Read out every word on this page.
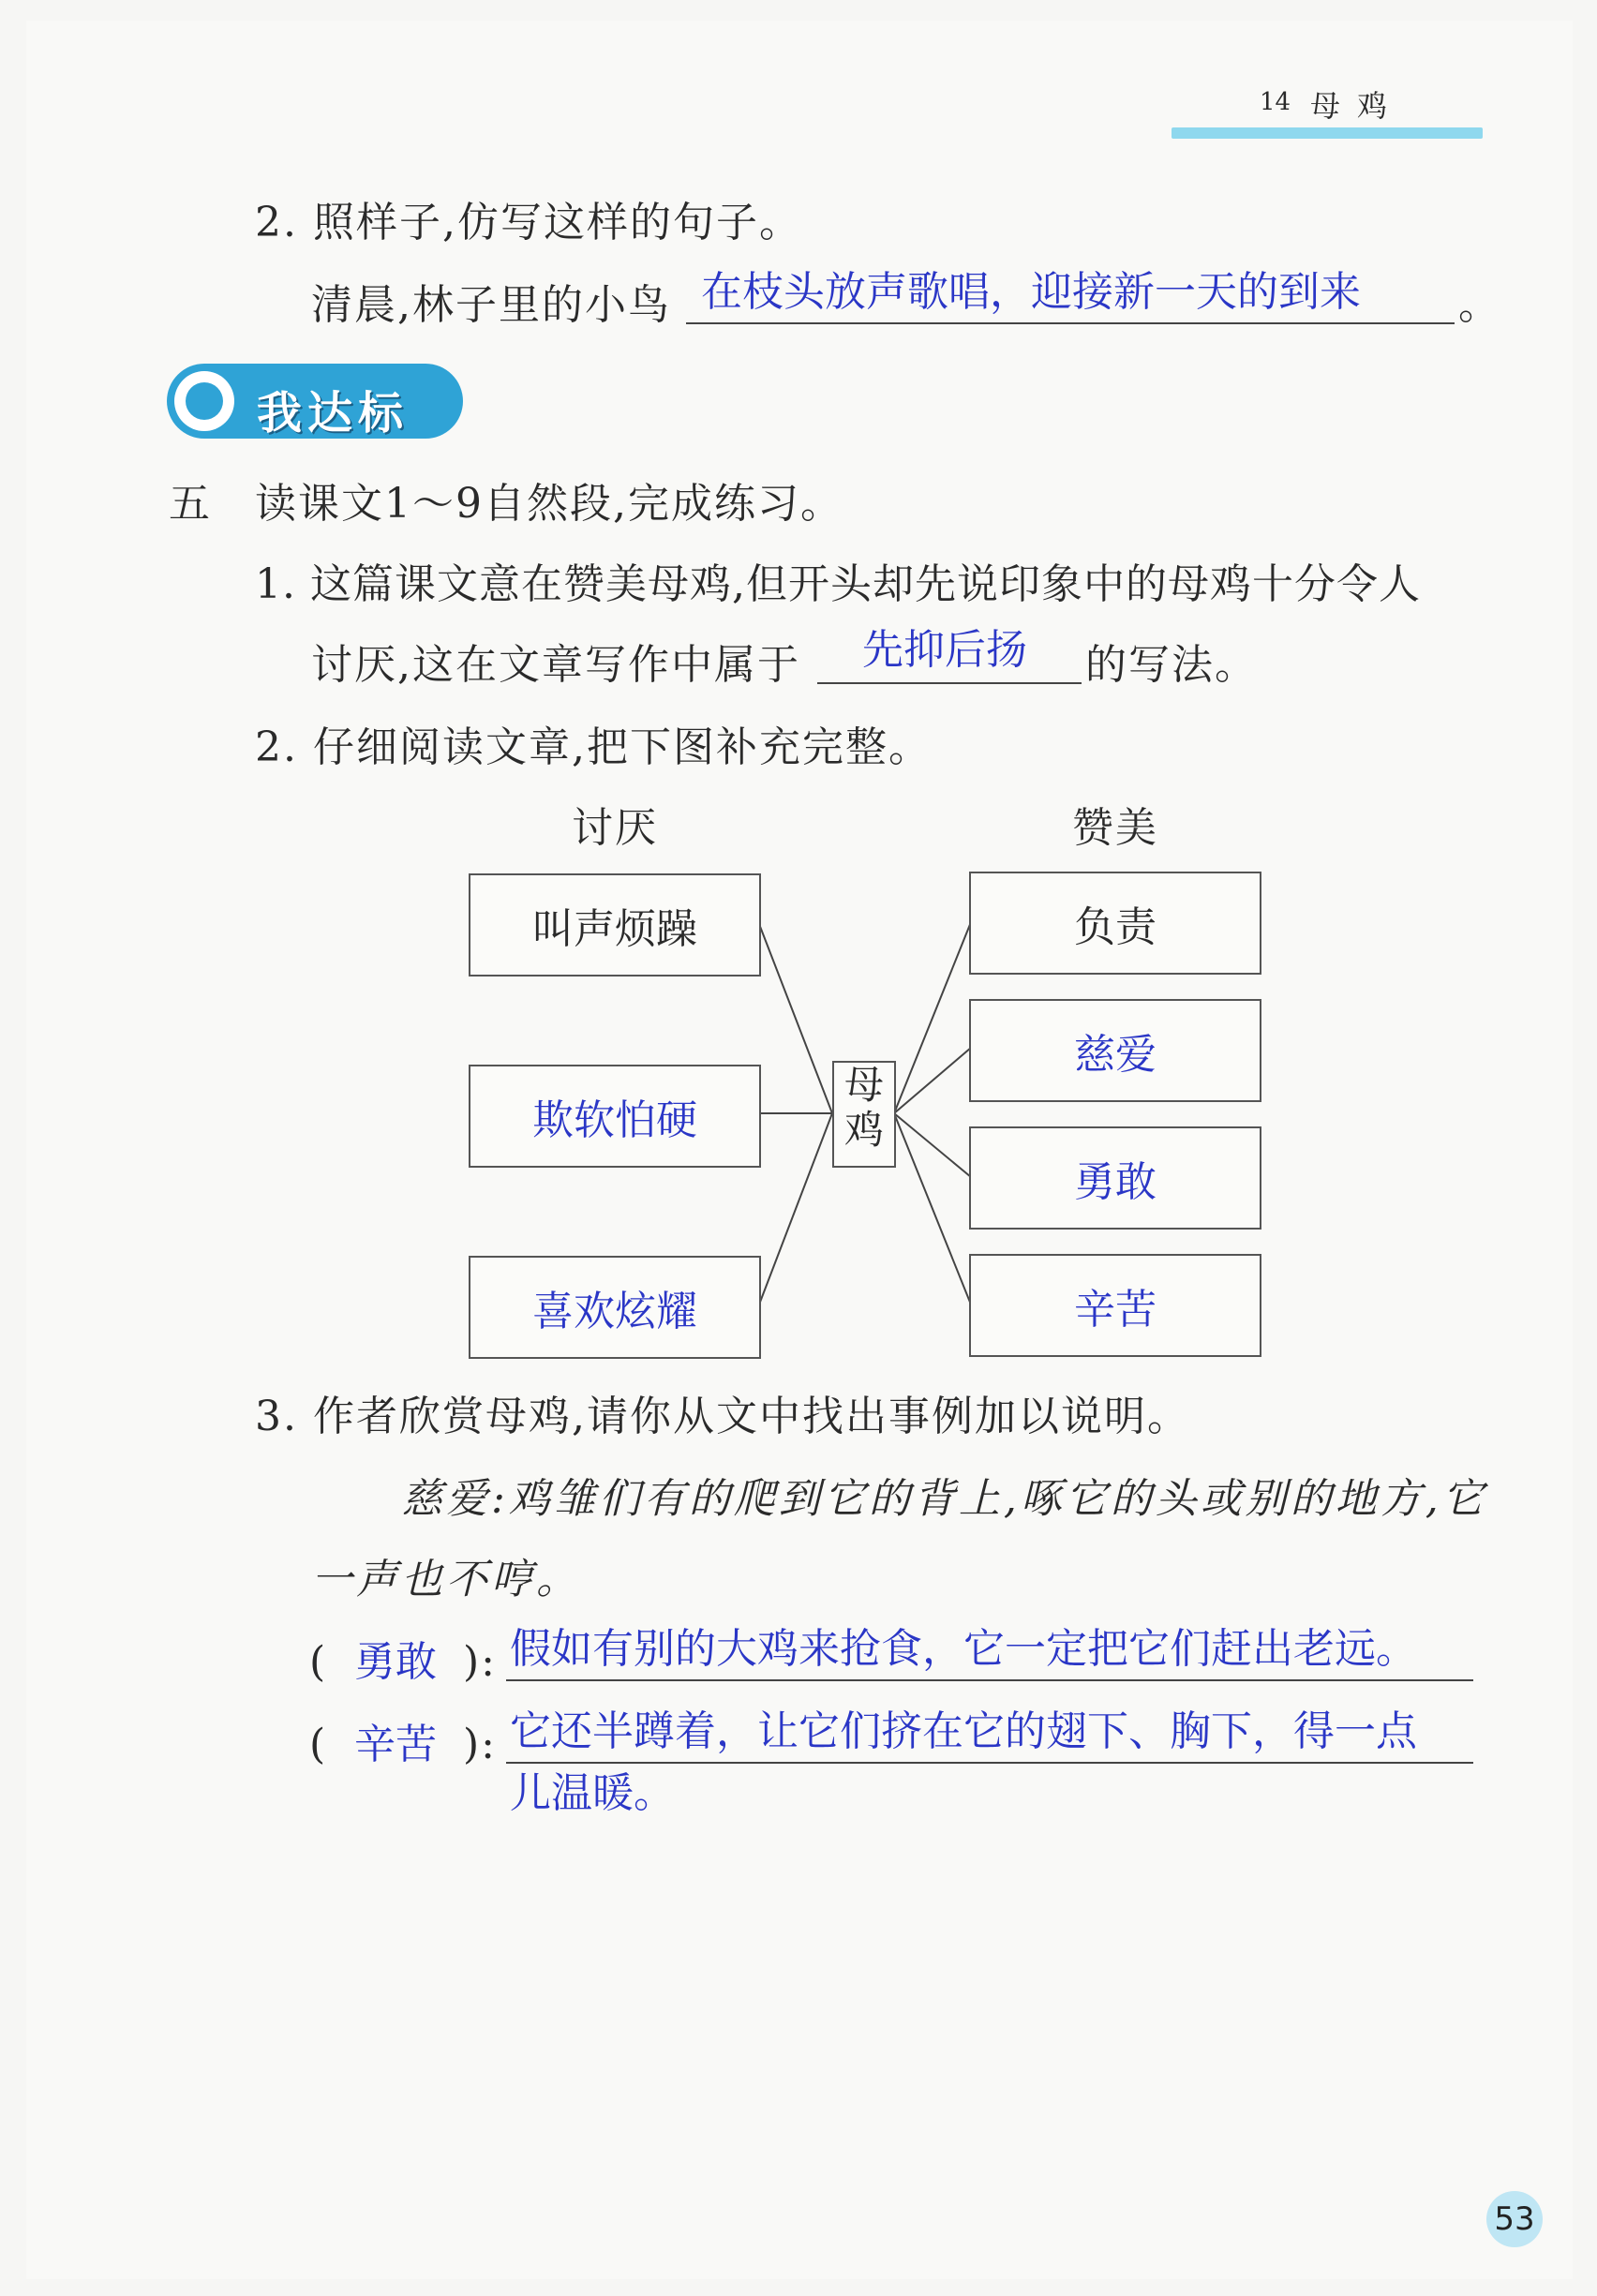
14 母鸡
2. 照样子,仿写这样的句子。
清晨,林子里的小鸟 在枝头放声歌唱，迎接新一天的到来 。
我达标
五 读课文1～9自然段,完成练习。
1. 这篇课文意在赞美母鸡,但开头却先说印象中的母鸡十分令人
讨厌,这在文章写作中属于 先抑后扬 的写法。
2. 仔细阅读文章,把下图补充完整。
讨厌	赞美
叫声烦躁
欺软怕硬
喜欢炫耀
母
鸡
负责
慈爱
勇敢
辛苦
3. 作者欣赏母鸡,请你从文中找出事例加以说明。
慈爱:鸡雏们有的爬到它的背上,啄它的头或别的地方,它
一声也不哼。
( 勇敢 ): 假如有别的大鸡来抢食，它一定把它们赶出老远。
( 辛苦 ): 它还半蹲着，让它们挤在它的翅下、胸下，得一点
儿温暖。
53
